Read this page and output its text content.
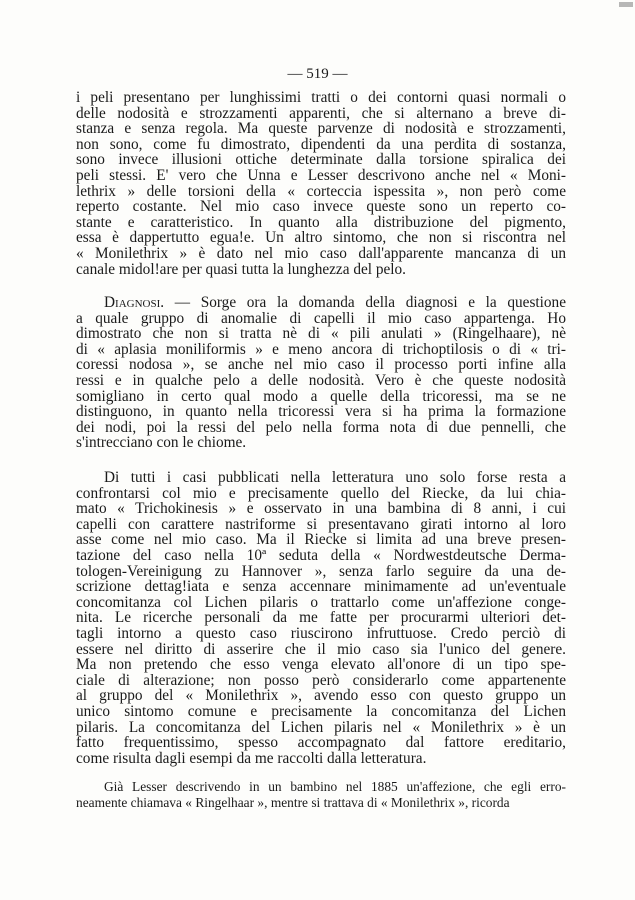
— 519 —
i peli presentano per lunghissimi tratti o dei contorni quasi normali o
delle nodosità e strozzamenti apparenti, che si alternano a breve di-
stanza e senza regola. Ma queste parvenze di nodosità e strozzamenti,
non sono, come fu dimostrato, dipendenti da una perdita di sostanza,
sono invece illusioni ottiche determinate dalla torsione spiralica dei
peli stessi. E' vero che Unna e Lesser descrivono anche nel « Moni-
lethrix » delle torsioni della « corteccia ispessita », non però come
reperto costante. Nel mio caso invece queste sono un reperto co-
stante e caratteristico. In quanto alla distribuzione del pigmento,
essa è dappertutto egua!e. Un altro sintomo, che non si riscontra nel
« Monilethrix » è dato nel mio caso dall'apparente mancanza di un
canale midol!are per quasi tutta la lunghezza del pelo.
Diagnosi. — Sorge ora la domanda della diagnosi e la questione
a quale gruppo di anomalie di capelli il mio caso appartenga. Ho
dimostrato che non si tratta nè di « pili anulati » (Ringelhaare), nè
di « aplasia moniliformis » e meno ancora di trichoptilosis o di « tri-
coressi nodosa », se anche nel mio caso il processo porti infine alla
ressi e in qualche pelo a delle nodosità. Vero è che queste nodosità
somigliano in certo qual modo a quelle della tricoressi, ma se ne
distinguono, in quanto nella tricoressi vera si ha prima la formazione
dei nodi, poi la ressi del pelo nella forma nota di due pennelli, che
s'intrecciano con le chiome.
Di tutti i casi pubblicati nella letteratura uno solo forse resta a
confrontarsi col mio e precisamente quello del Riecke, da lui chia-
mato « Trichokinesis » e osservato in una bambina di 8 anni, i cui
capelli con carattere nastriforme si presentavano girati intorno al loro
asse come nel mio caso. Ma il Riecke si limita ad una breve presen-
tazione del caso nella 10ª seduta della « Nordwestdeutsche Derma-
tologen-Vereinigung zu Hannover », senza farlo seguire da una de-
scrizione dettag!iata e senza accennare minimamente ad un'eventuale
concomitanza col Lichen pilaris o trattarlo come un'affezione conge-
nita. Le ricerche personali da me fatte per procurarmi ulteriori det-
tagli intorno a questo caso riuscirono infruttuose. Credo perciò di
essere nel diritto di asserire che il mio caso sia l'unico del genere.
Ma non pretendo che esso venga elevato all'onore di un tipo spe-
ciale di alterazione; non posso però considerarlo come appartenente
al gruppo del « Monilethrix », avendo esso con questo gruppo un
unico sintomo comune e precisamente la concomitanza del Lichen
pilaris. La concomitanza del Lichen pilaris nel « Monilethrix » è un
fatto frequentissimo, spesso accompagnato dal fattore ereditario,
come risulta dagli esempi da me raccolti dalla letteratura.
Già Lesser descrivendo in un bambino nel 1885 un'affezione, che egli erro-
neamente chiamava « Ringelhaar », mentre si trattava di « Monilethrix », ricorda
